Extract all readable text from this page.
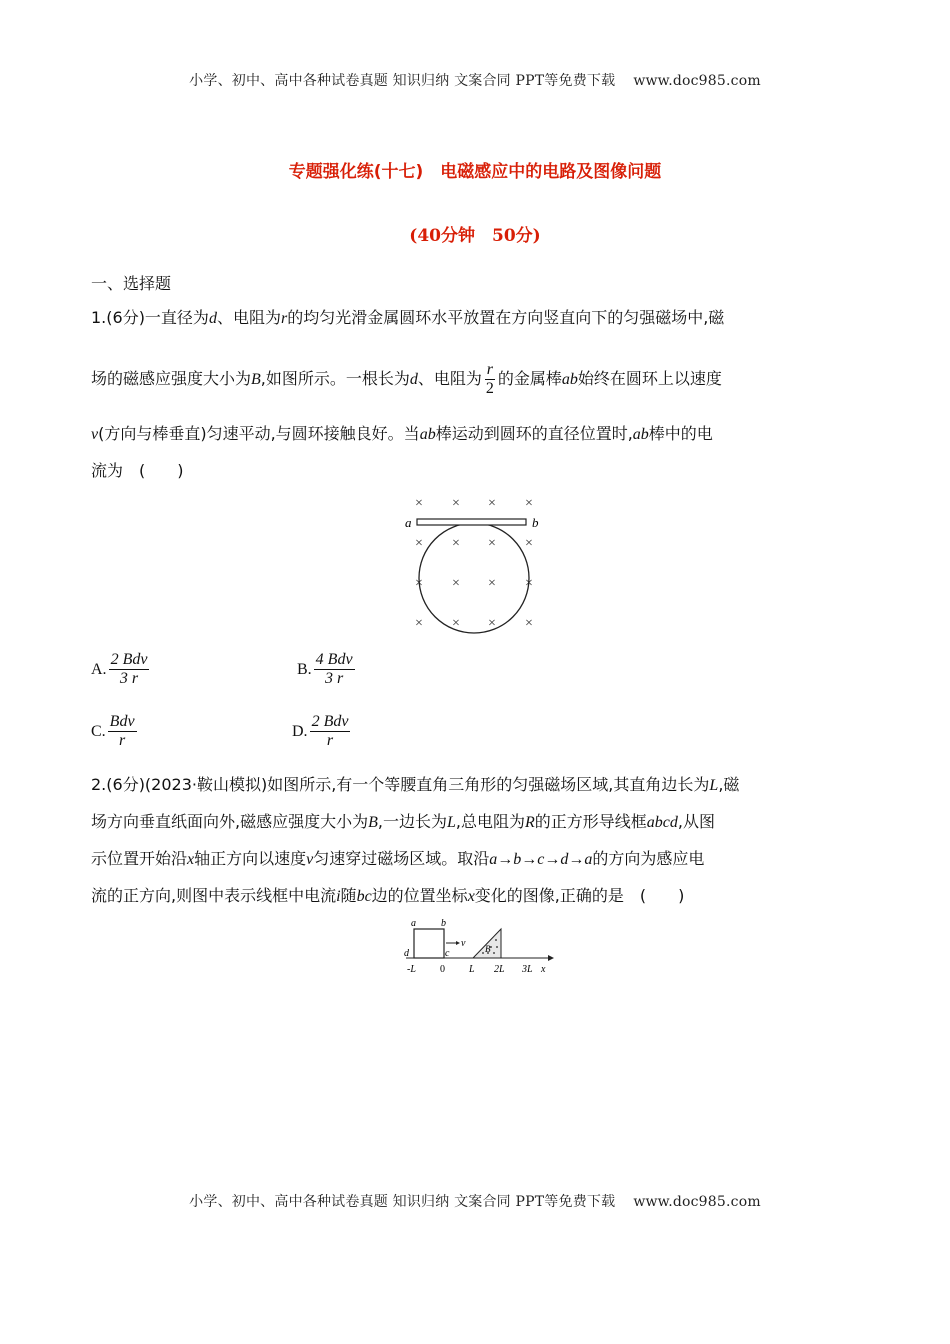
小学、初中、高中各种试卷真题 知识归纳 文案合同 PPT等免费下载 www.doc985.com
专题强化练(十七)　电磁感应中的电路及图像问题
(40分钟　50分)
一、选择题
1.(6分)一直径为d、电阻为r的均匀光滑金属圆环水平放置在方向竖直向下的匀强磁场中,磁
场的磁感应强度大小为B,如图所示。一根长为d、电阻为 $\frac{r}{2}$ 的金属棒ab始终在圆环上以速度
v(方向与棒垂直)匀速平动,与圆环接触良好。当ab棒运动到圆环的直径位置时,ab棒中的电
流为　(　　)
× × × ×
× × × ×
× × × ×
× × × ×
a	b
A. $\frac{\text{2 Bdv}}{3 r}$	B. $\frac{\text{4 Bdv}}{3 r}$
C. $\frac{\text{Bdv}}{r}$	D. $\frac{\text{2 Bdv}}{r}$
2.(6分)(2023·鞍山模拟)如图所示,有一个等腰直角三角形的匀强磁场区域,其直角边长为L,磁
场方向垂直纸面向外,磁感应强度大小为B,一边长为L,总电阻为R的正方形导线框abcd,从图
示位置开始沿x轴正方向以速度v匀速穿过磁场区域。取沿a→b→c→d→a的方向为感应电
流的正方向,则图中表示线框中电流i随bc边的位置坐标x变化的图像,正确的是　(　　)
B
a	b
c
d
v
-L 0 L 2L 3L x
小学、初中、高中各种试卷真题 知识归纳 文案合同 PPT等免费下载 www.doc985.com
